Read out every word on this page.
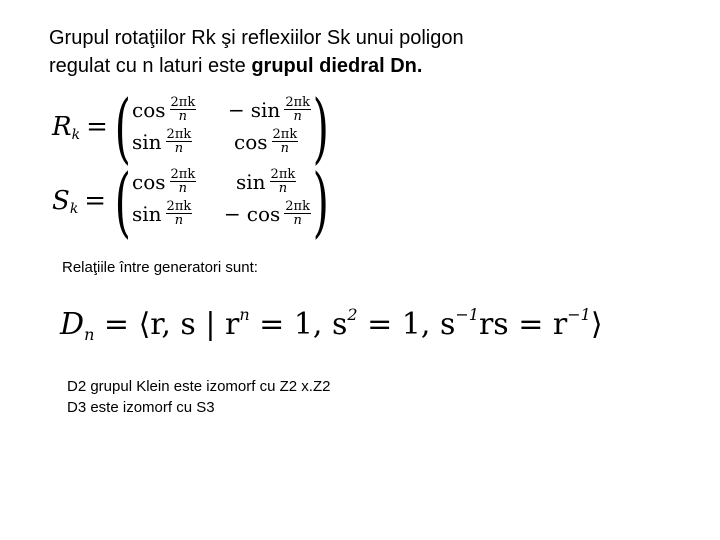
Grupul rotaţiilor Rk şi reflexiilor Sk unui poligon
regulat cu n laturi este grupul diedral Dn.
$R_k$ = ( )
$\cos \frac{2\pi k}{n} - \sin \frac{2\pi k}{n}$
$\sin \frac{2\pi k}{n}$ $\cos \frac{2\pi k}{n}$
$S_k$ = ( )
$\cos \frac{2\pi k}{n}$ $\sin \frac{2\pi k}{n}$
$\sin \frac{2\pi k}{n} - \cos \frac{2\pi k}{n}$
Relaţiile între generatori sunt:
$D_n$ = ⟨r, s | $r^n = 1$, $s^2 = 1$, $s^{-1}rs$ = $r^{-1}⟩$
D2 grupul Klein este izomorf cu Z2 x.Z2
D3 este izomorf cu S3
